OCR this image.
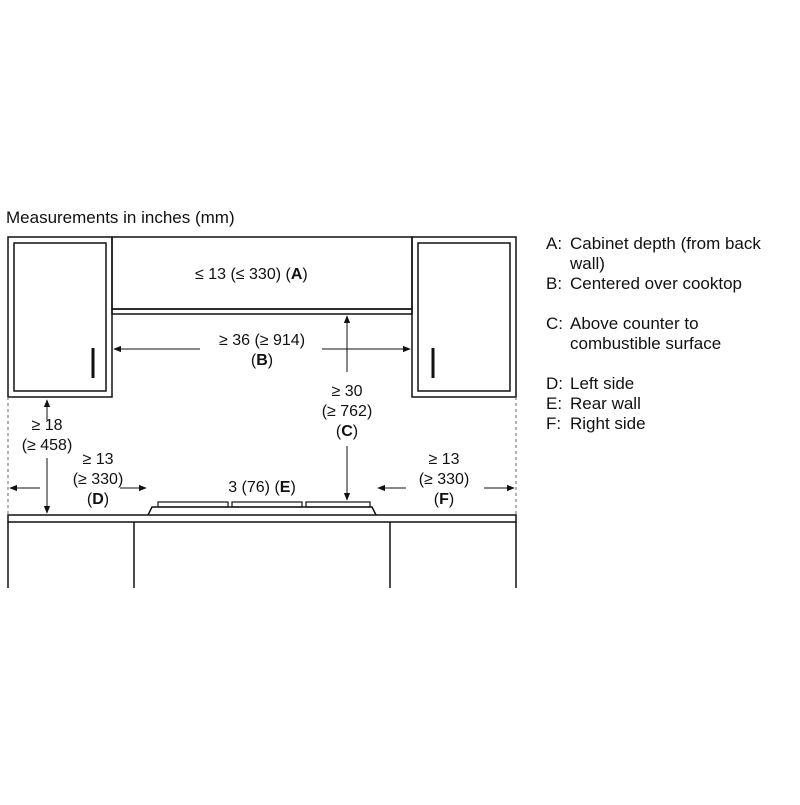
Measurements in inches (mm)
≤ 13 (≤ 330) (A)
≥ 36 (≥ 914)
(B)
≥ 30
(≥ 762)
(C)
≥ 18
(≥ 458)
≥ 13
(≥ 330)
(D)
3 (76) (E)
≥ 13
(≥ 330)
(F)
A: Cabinet depth (from back
wall)
B: Centered over cooktop
C: Above counter to
combustible surface
D: Left side
E: Rear wall
F: Right side
